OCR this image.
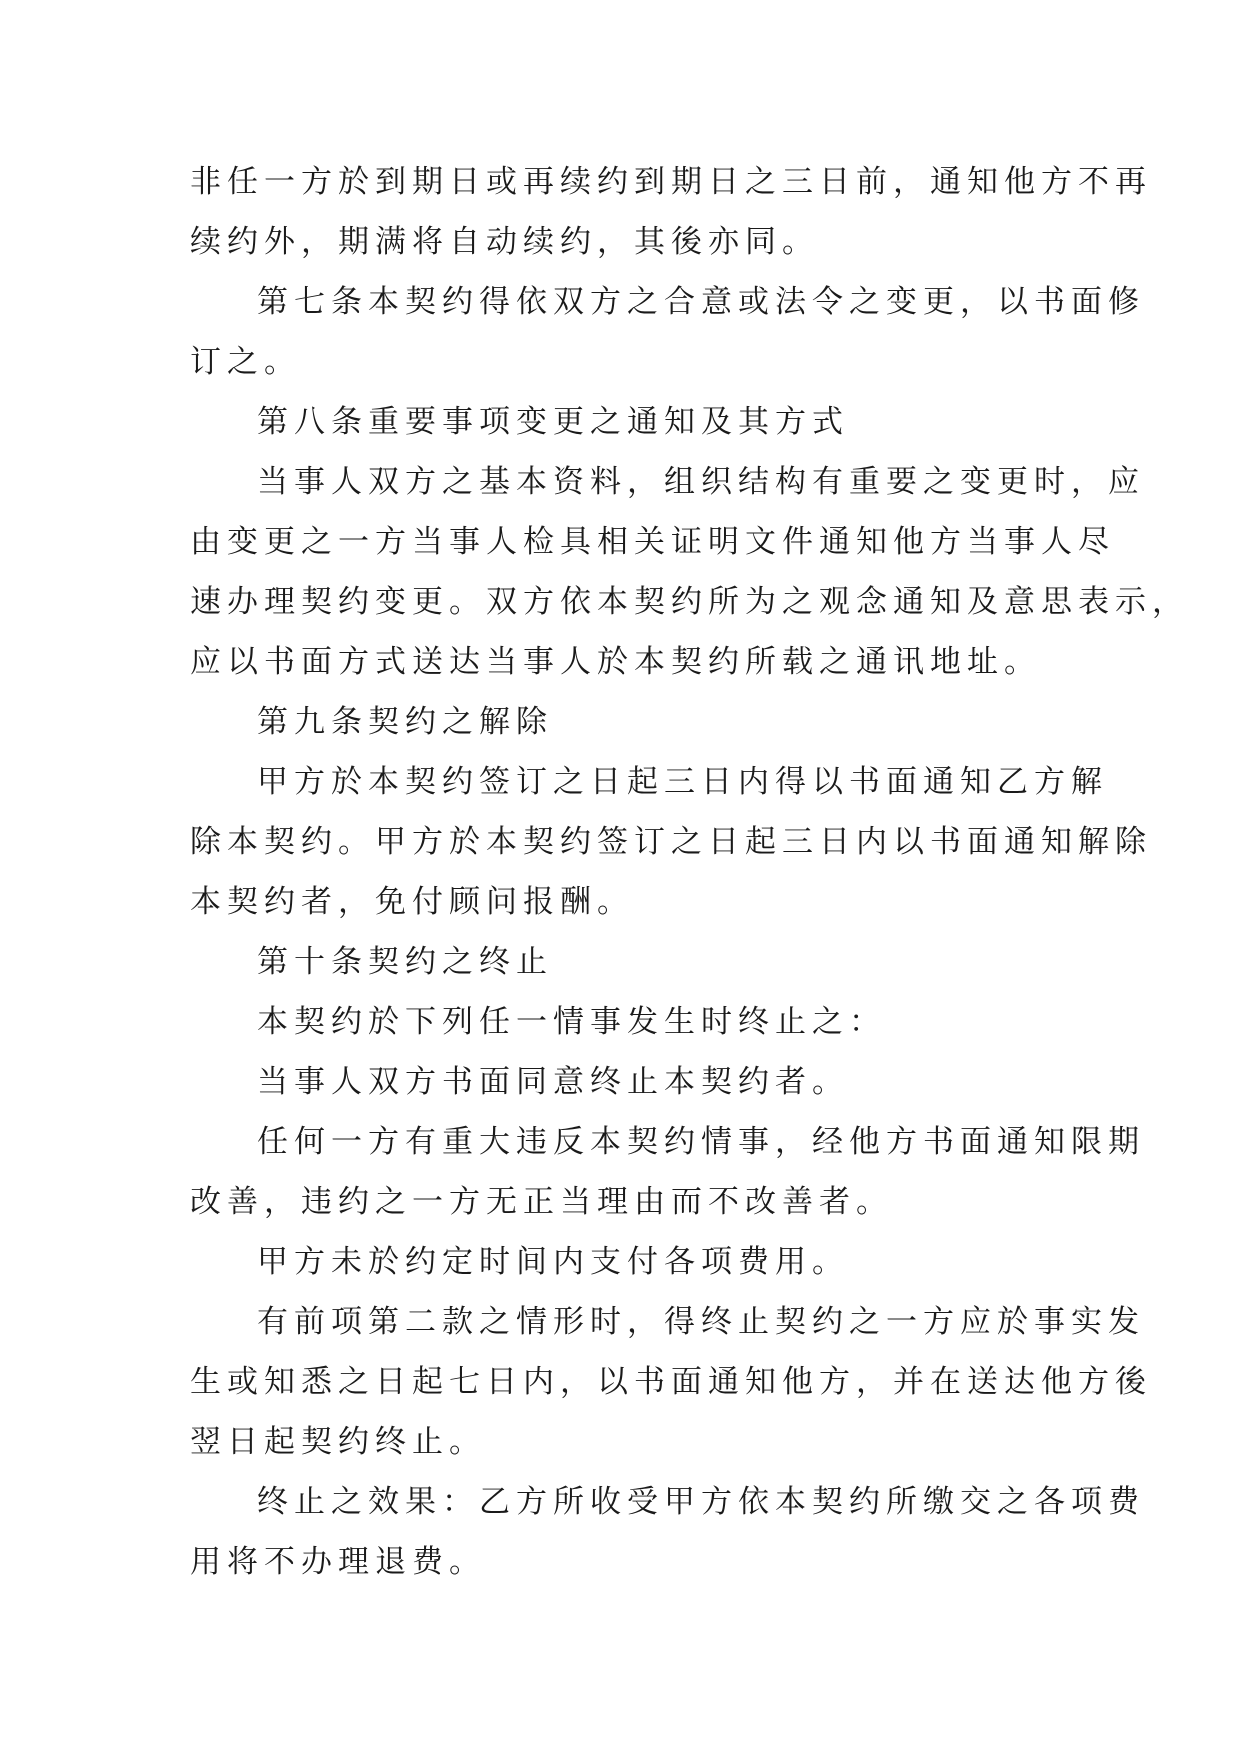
非任一方於到期日或再续约到期日之三日前，通知他方不再
续约外，期满将自动续约，其後亦同。
第七条本契约得依双方之合意或法令之变更，以书面修
订之。
第八条重要事项变更之通知及其方式
当事人双方之基本资料，组织结构有重要之变更时，应
由变更之一方当事人检具相关证明文件通知他方当事人尽
速办理契约变更。双方依本契约所为之观念通知及意思表示，
应以书面方式送达当事人於本契约所载之通讯地址。
第九条契约之解除
甲方於本契约签订之日起三日内得以书面通知乙方解
除本契约。甲方於本契约签订之日起三日内以书面通知解除
本契约者，免付顾问报酬。
第十条契约之终止
本契约於下列任一情事发生时终止之：
当事人双方书面同意终止本契约者。
任何一方有重大违反本契约情事，经他方书面通知限期
改善，违约之一方无正当理由而不改善者。
甲方未於约定时间内支付各项费用。
有前项第二款之情形时，得终止契约之一方应於事实发
生或知悉之日起七日内，以书面通知他方，并在送达他方後
翌日起契约终止。
终止之效果：乙方所收受甲方依本契约所缴交之各项费
用将不办理退费。
